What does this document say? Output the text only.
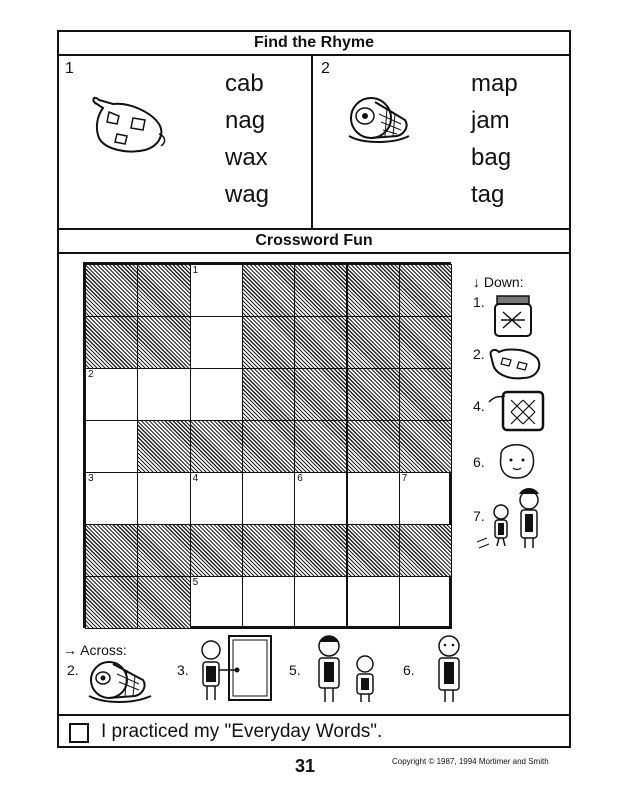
Find the Rhyme
1
cab
nag
wax
wag
2
map
jam
bag
tag
Crossword Fun
1
2
3	4	6	7
5
↓ Down:
1.
2.
4.
6.
7.
→ Across:
2.	3.	5.	6.
I practiced my "Everyday Words".
31	Copyright © 1987, 1994 Mortimer and Smith
